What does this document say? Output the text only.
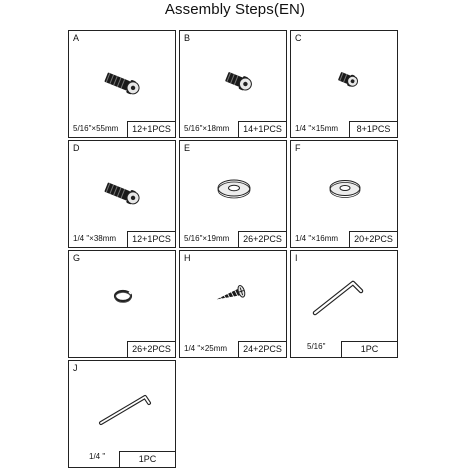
Assembly Steps(EN)
A
5/16"×55mm	12+1PCS
B
5/16"×18mm	14+1PCS
C
1/4 "×15mm	8+1PCS
D
1/4 "×38mm	12+1PCS
E
5/16"×19mm	26+2PCS
F
1/4 "×16mm	20+2PCS
G
26+2PCS
H
1/4 "×25mm	24+2PCS
I
5/16"	1PC
J
1/4 "	1PC
